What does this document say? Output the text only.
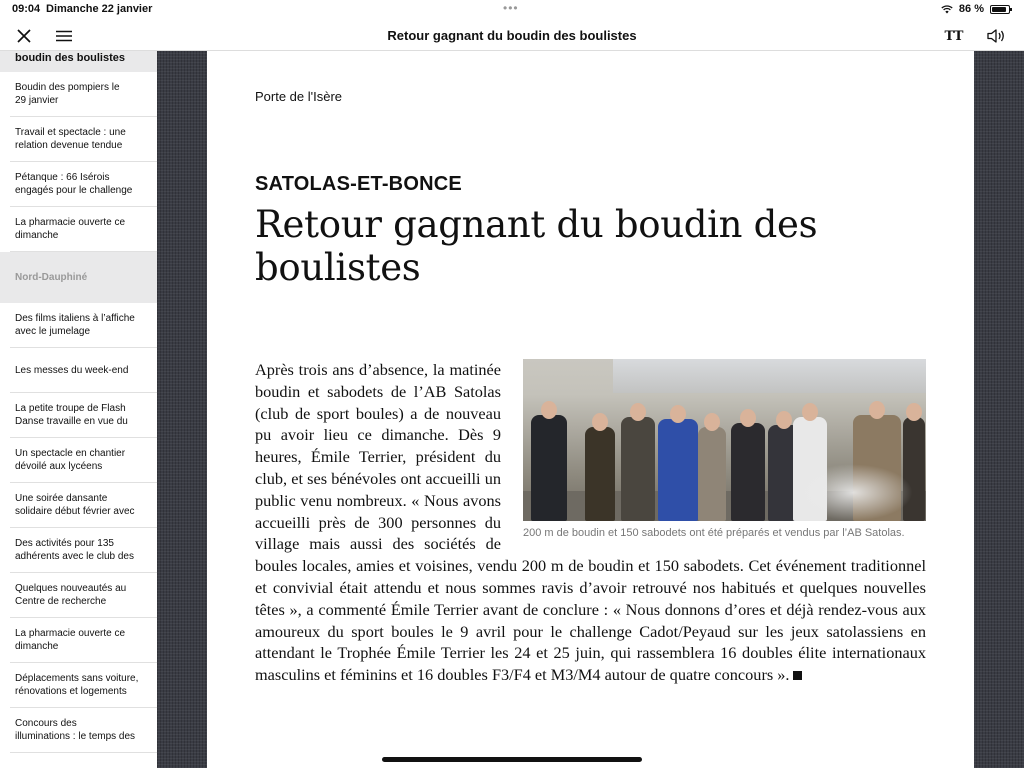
09:04 Dimanche 22 janvier	•••	86 %
Retour gagnant du boudin des boulistes	TT
boudin des boulistes
Boudin des pompiers le
29 janvier
Travail et spectacle : une
relation devenue tendue
Pétanque : 66 Isérois
engagés pour le challenge
La pharmacie ouverte ce
dimanche
Nord-Dauphiné
Des films italiens à l’affiche
avec le jumelage
Les messes du week-end
La petite troupe de Flash
Danse travaille en vue du
Un spectacle en chantier
dévoilé aux lycéens
Une soirée dansante
solidaire début février avec
Des activités pour 135
adhérents avec le club des
Quelques nouveautés au
Centre de recherche
La pharmacie ouverte ce
dimanche
Déplacements sans voiture,
rénovations et logements
Concours des
illuminations : le temps des
Porte de l'Isère
SATOLAS-ET-BONCE
Retour gagnant du boudin des boulistes
200 m de boudin et 150 sabodets ont été préparés et vendus par l’AB Satolas.
Après trois ans d’absence, la matinée boudin et sabodets de l’AB Satolas (club de sport boules) a de nouveau pu avoir lieu ce dimanche. Dès 9 heures, Émile Terrier, président du club, et ses bénévoles ont accueilli un public venu nombreux. « Nous avons accueilli près de 300 personnes du village mais aussi des sociétés de boules locales, amies et voisines, vendu 200 m de boudin et 150 sabodets. Cet événement traditionnel et convivial était attendu et nous sommes ravis d’avoir retrouvé nos habitués et quelques nouvelles têtes », a commenté Émile Terrier avant de conclure : « Nous donnons d’ores et déjà rendez-vous aux amoureux du sport boules le 9 avril pour le challenge Cadot/Peyaud sur les jeux satolassiens en attendant le Trophée Émile Terrier les 24 et 25 juin, qui rassemblera 16 doubles élite internationaux masculins et féminins et 16 doubles F3/F4 et M3/M4 autour de quatre concours ».
